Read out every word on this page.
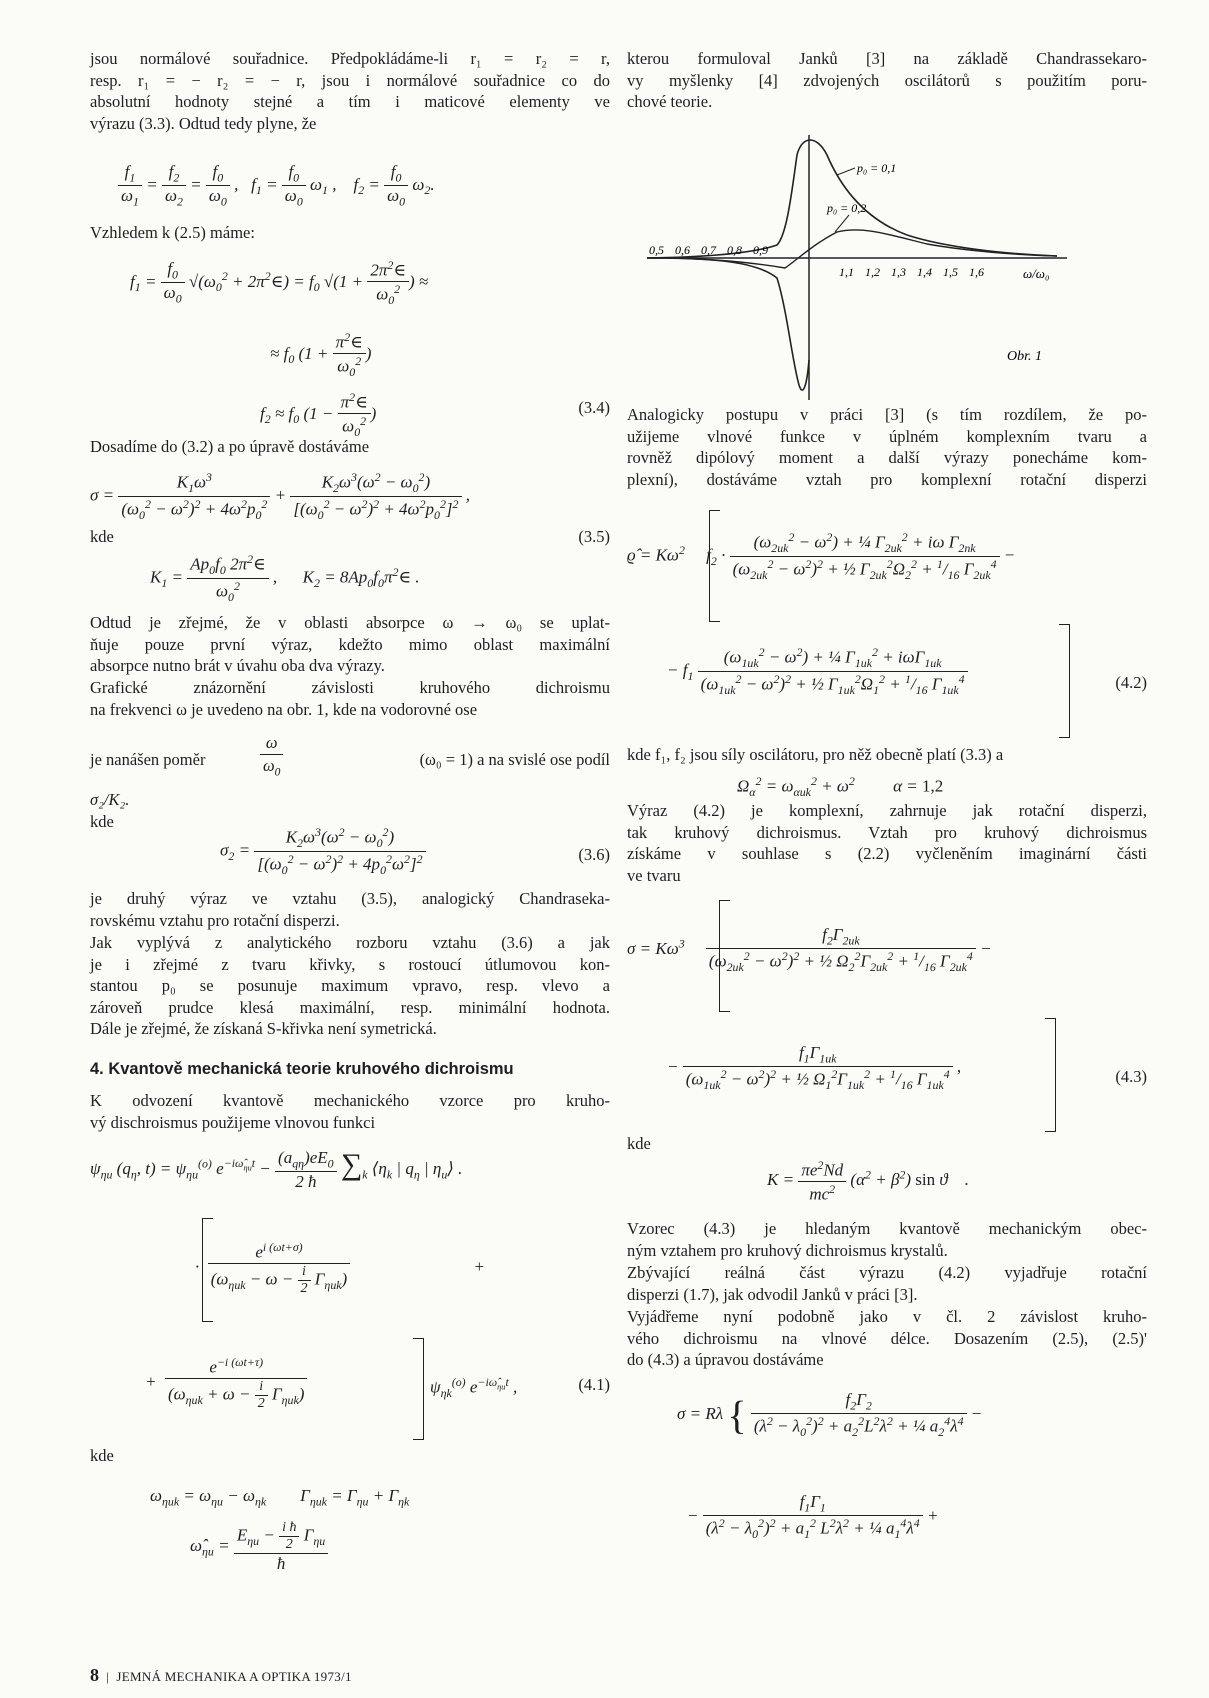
jsou normálové souřadnice. Předpokládáme-li r₁ = r₂ = r,
resp. r₁ = − r₂ = − r, jsou i normálové souřadnice co do
absolutní hodnoty stejné a tím i maticové elementy ve
výrazu (3.3). Odtud tedy plyne, že
$\frac{f_1}{\omega_1} = \frac{f_2}{\omega_2} = \frac{f_0}{\omega_0}$ ,   $f_1 = \frac{f_0}{\omega_0} \omega_1$ ,    $f_2 = \frac{f_0}{\omega_0} \omega_2$.
Vzhledem k (2.5) máme:
$f_1 = \frac{f_0}{\omega_0} √(\omega_0^2$ + $2\pi^2\in) = f_0$ $√(1 + \frac{2\pi^2\in}{\omega_0^2}$ ) ≈
≈ $f_0$ ($1 + \frac{\pi^2\in}{\omega_0^2}$ )
$f_2 \approx f_0$ ($1 - \frac{\pi^2\in}{\omega_0^2}$ )	(3.4)
Dosadíme do (3.2) a po úpravě dostáváme
$\sigma = \frac{K_1\omega^3}{(\omega_0^2 - \omega^2)^2 + 4\omega^2p_0^2} + \frac{K_2\omega^3(\omega^2 - \omega_0^2)}{[(\omega_0^2 - \omega^2)^2 + 4\omega^2p_0^2]^2}$ ,
kde	(3.5)
$K_1 = \frac{Ap_0f_0 2\pi^2\in}{\omega_0^2}$ ,      $K_2$ = $8Ap_0f_0\pi^2\in$ .
Odtud je zřejmé, že v oblasti absorpce ω → ω₀ se uplat-
ňuje pouze první výraz, kdežto mimo oblast maximální
absorpce nutno brát v úvahu oba dva výrazy.
Grafické znázornění závislosti kruhového dichroismu
na frekvenci ω je uvedeno na obr. 1, kde na vodorovné ose
je nanášen poměr	$\frac{\omega}{\omega_0}$	(ω₀ = 1) a na svislé ose podíl
σ₂/K₂.
kde
$\sigma_2 = \frac{K_2\omega^3(\omega^2 - \omega_0^2)}{[(\omega_0^2 - \omega^2)^2 + 4p_0^2\omega^2]^2}$	(3.6)
je druhý výraz ve vztahu (3.5), analogický Chandraseka-
rovskému vztahu pro rotační disperzi.
Jak vyplývá z analytického rozboru vztahu (3.6) a jak
je i zřejmé z tvaru křivky, s rostoucí útlumovou kon-
stantou p₀ se posunuje maximum vpravo, resp. vlevo a
zároveň prudce klesá maximální, resp. minimální hodnota.
Dále je zřejmé, že získaná S-křivka není symetrická.
4. Kvantově mechanická teorie kruhového dichroismu
K odvození kvantově mechanického vzorce pro kruho-
vý dischroismus použijeme vlnovou funkci
$\psi_{\eta u}$ ($q_\eta$, $t) = \psi_{\eta u}^{(o)}$ $e^{-i\omegâ_{\eta u}t} - \frac{(a_{q\eta})eE_0}{2 ħ} \sum_k$ $⟨\eta_k$ | $q_\eta$ | $\eta_u⟩$ .
· $\frac{e^{i (\omega t+\sigma)}}{(\omega_{\eta uk} - \omega - \frac{i}{2} \Gamma_{\eta uk})}$	+
+ $\frac{e^{-i (\omega t+\tau)}}{(\omega_{\eta uk} + \omega - \frac{i}{2} \Gamma_{\eta uk})}$	$\psi_{\eta k}^{(o)}$ $e^{-i\omegâ_{\eta u}t}$ ,	(4.1)
kde
$\omega_{\eta uk} = \omega_{\eta u} - \omega_{\eta k}$        $\Gamma_{\eta uk} = \Gamma_{\eta u} + \Gamma_{\eta k}$
$\omegâ_{\eta u} = \frac{E_{\eta u} - \frac{\text{i ħ}}{2} \Gamma_{\eta u}}{ħ}$
kterou formuloval Janků [3] na základě Chandrassekaro-
vy myšlenky [4] zdvojených oscilátorů s použitím poru-
chové teorie.
0,5 0,6 0,7 0,8 0,9
1,1 1,2 1,3 1,4 1,5 1,6
p₀ = 0,1
p₀ = 0,2
ω/ω₀
Obr. 1
Analogicky postupu v práci [3] (s tím rozdílem, že po-
užijeme vlnové funkce v úplném komplexním tvaru a
rovněž dipólový moment a další výrazy ponecháme kom-
plexní), dostáváme vztah pro komplexní rotační disperzi
ϱ̂ = $K\omega^2$     $f_2 \cdot \frac{(\omega_{2uk}^2 - \omega^2) + \frac{1}{4} \Gamma_{2uk}^2 + i\omega \Gamma_{2nk}}{(\omega_{2uk}^2 - \omega^2)^2 + \frac{1}{2} \Gamma_{2uk}^2\Omega_2^2 + ^1/_{16} \Gamma_{2uk}^4}$ −
− $f_1 \frac{(\omega_{1uk}^2 - \omega^2) + \frac{1}{4} \Gamma_{1uk}^2 + i\omega\Gamma_{1uk}}{(\omega_{1uk}^2 - \omega^2)^2 + \frac{1}{2} \Gamma_{1uk}^2\Omega_1^2 + ^1/_{16} \Gamma_{1uk}^4}$	(4.2)
kde f₁, f₂ jsou síly oscilátoru, pro něž obecně platí (3.3) a
$\Omega_\alpha^2 = \omega_{\alpha uk}^2 + \omega^2$         α = 1,2
Výraz (4.2) je komplexní, zahrnuje jak rotační disperzi,
tak kruhový dichroismus. Vztah pro kruhový dichroismus
získáme v souhlase s (2.2) vyčleněním imaginární části
ve tvaru
$\sigma = K\omega^3 \frac{f_2\Gamma_{2uk}}{(\omega_{2uk}^2 - \omega^2)^2 + \frac{1}{2} \Omega_2^2\Gamma_{2uk}^2 + ^1/_{16} \Gamma_{2uk}^4}$ −
− $\frac{f_1\Gamma_{1uk}}{(\omega_{1uk}^2 - \omega^2)^2 + \frac{1}{2} \Omega_1^2\Gamma_{1uk}^2 + ^1/_{16} \Gamma_{1uk}^4}$ ,
(4.3)
kde
$K = \frac{\pi e^2Nd}{mc^2} (\alpha^2 + \beta^2)$ sin ϑ    .
Vzorec (4.3) je hledaným kvantově mechanickým obec-
ným vztahem pro kruhový dichroismus krystalů.
Zbývající reálná část výrazu (4.2) vyjadřuje rotační
disperzi (1.7), jak odvodil Janků v práci [3].
Vyjádřeme nyní podobně jako v čl. 2 závislost kruho-
vého dichroismu na vlnové délce. Dosazením (2.5), (2.5)'
do (4.3) a úpravou dostáváme
σ = Rλ { $\frac{f_2\Gamma_2}{(\lambda^2 - \lambda_0^2)^2 + a_2^2L^2\lambda^2 + \frac{1}{4} a_2^4\lambda^4}$ −
− $\frac{f_1\Gamma_1}{(\lambda^2 - \lambda_0^2)^2 + a_1^2 L^2\lambda^2 + \frac{1}{4} a_1^4\lambda^4}$ +
8  |  JEMNÁ MECHANIKA A OPTIKA 1973/1
